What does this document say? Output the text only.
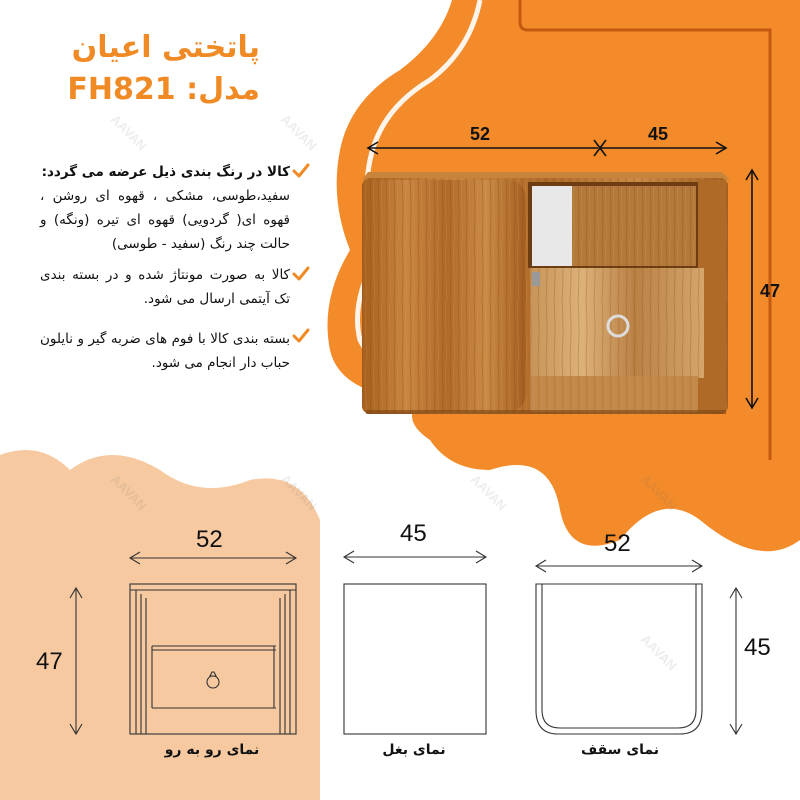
AAVAN	AAVAN
AAVAN	AAVAN	AAVAN
AAVAN
AAVAN
پاتختی اعیان
مدل: FH821
کالا در رنگ بندی ذیل عرضه می گردد:
سفید،طوسی، مشکی ، قهوه ای روشن ، قهوه ای( گردویی) قهوه ای تیره (ونگه) و حالت چند رنگ (سفید - طوسی)
کالا به صورت مونتاژ شده و در بسته بندی تک آیتمی ارسال می شود.
بسته بندی کالا با فوم های ضربه گیر و نایلون حباب دار انجام می شود.
52	45
47
52
47
45	52
45
نمای رو به رو	نمای بغل	نمای سقف
